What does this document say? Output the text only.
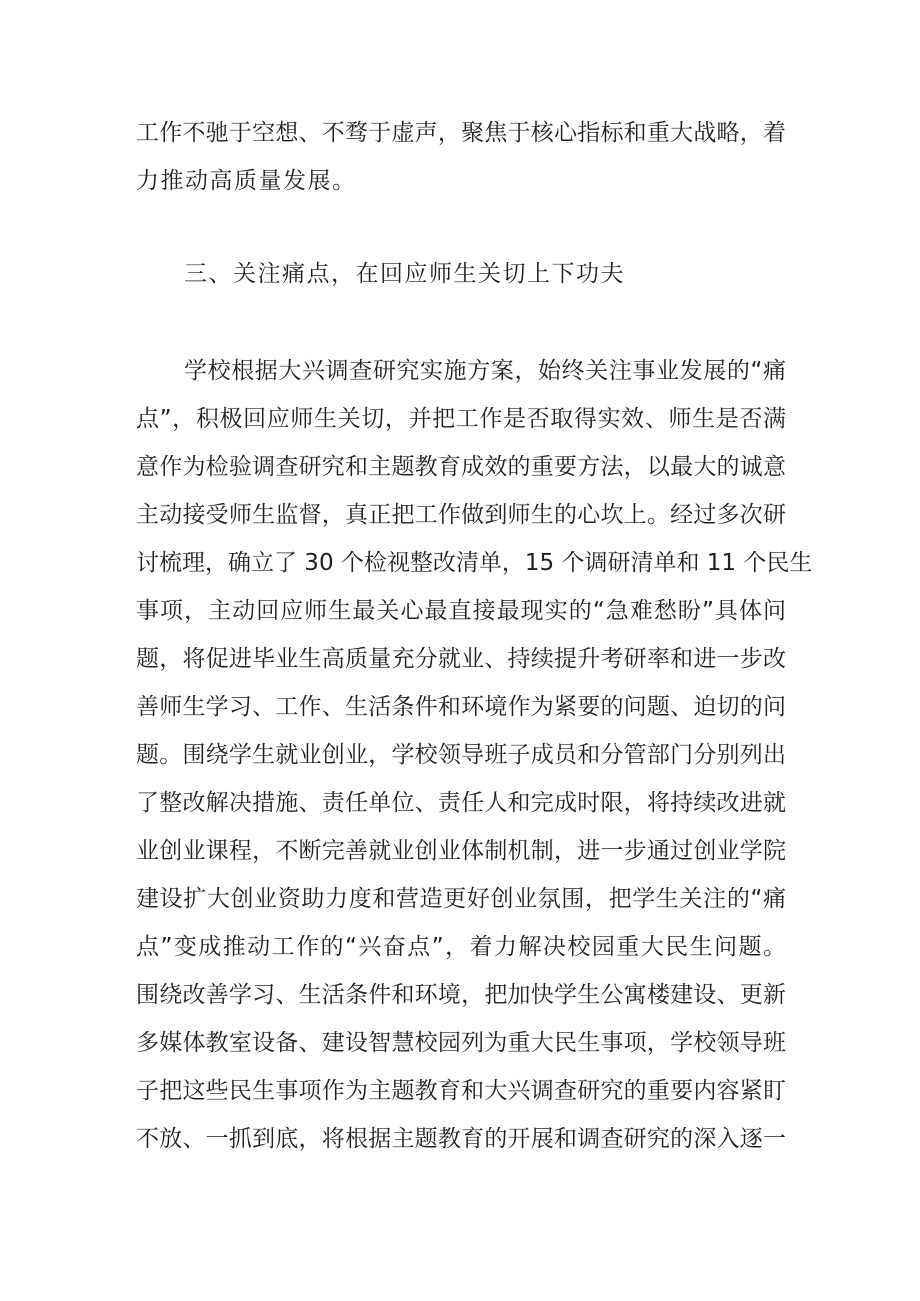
工作不驰于空想、不骛于虚声，聚焦于核心指标和重大战略，着

力推动高质量发展。

三、关注痛点，在回应师生关切上下功夫

学校根据大兴调查研究实施方案，始终关注事业发展的“痛

点”，积极回应师生关切，并把工作是否取得实效、师生是否满

意作为检验调查研究和主题教育成效的重要方法，以最大的诚意

主动接受师生监督，真正把工作做到师生的心坎上。经过多次研

讨梳理，确立了 30 个检视整改清单，15 个调研清单和 11 个民生

事项，主动回应师生最关心最直接最现实的“急难愁盼”具体问

题，将促进毕业生高质量充分就业、持续提升考研率和进一步改

善师生学习、工作、生活条件和环境作为紧要的问题、迫切的问

题。围绕学生就业创业，学校领导班子成员和分管部门分别列出

了整改解决措施、责任单位、责任人和完成时限，将持续改进就

业创业课程，不断完善就业创业体制机制，进一步通过创业学院

建设扩大创业资助力度和营造更好创业氛围，把学生关注的“痛

点”变成推动工作的“兴奋点”，着力解决校园重大民生问题。

围绕改善学习、生活条件和环境，把加快学生公寓楼建设、更新

多媒体教室设备、建设智慧校园列为重大民生事项，学校领导班

子把这些民生事项作为主题教育和大兴调查研究的重要内容紧盯

不放、一抓到底，将根据主题教育的开展和调查研究的深入逐一
